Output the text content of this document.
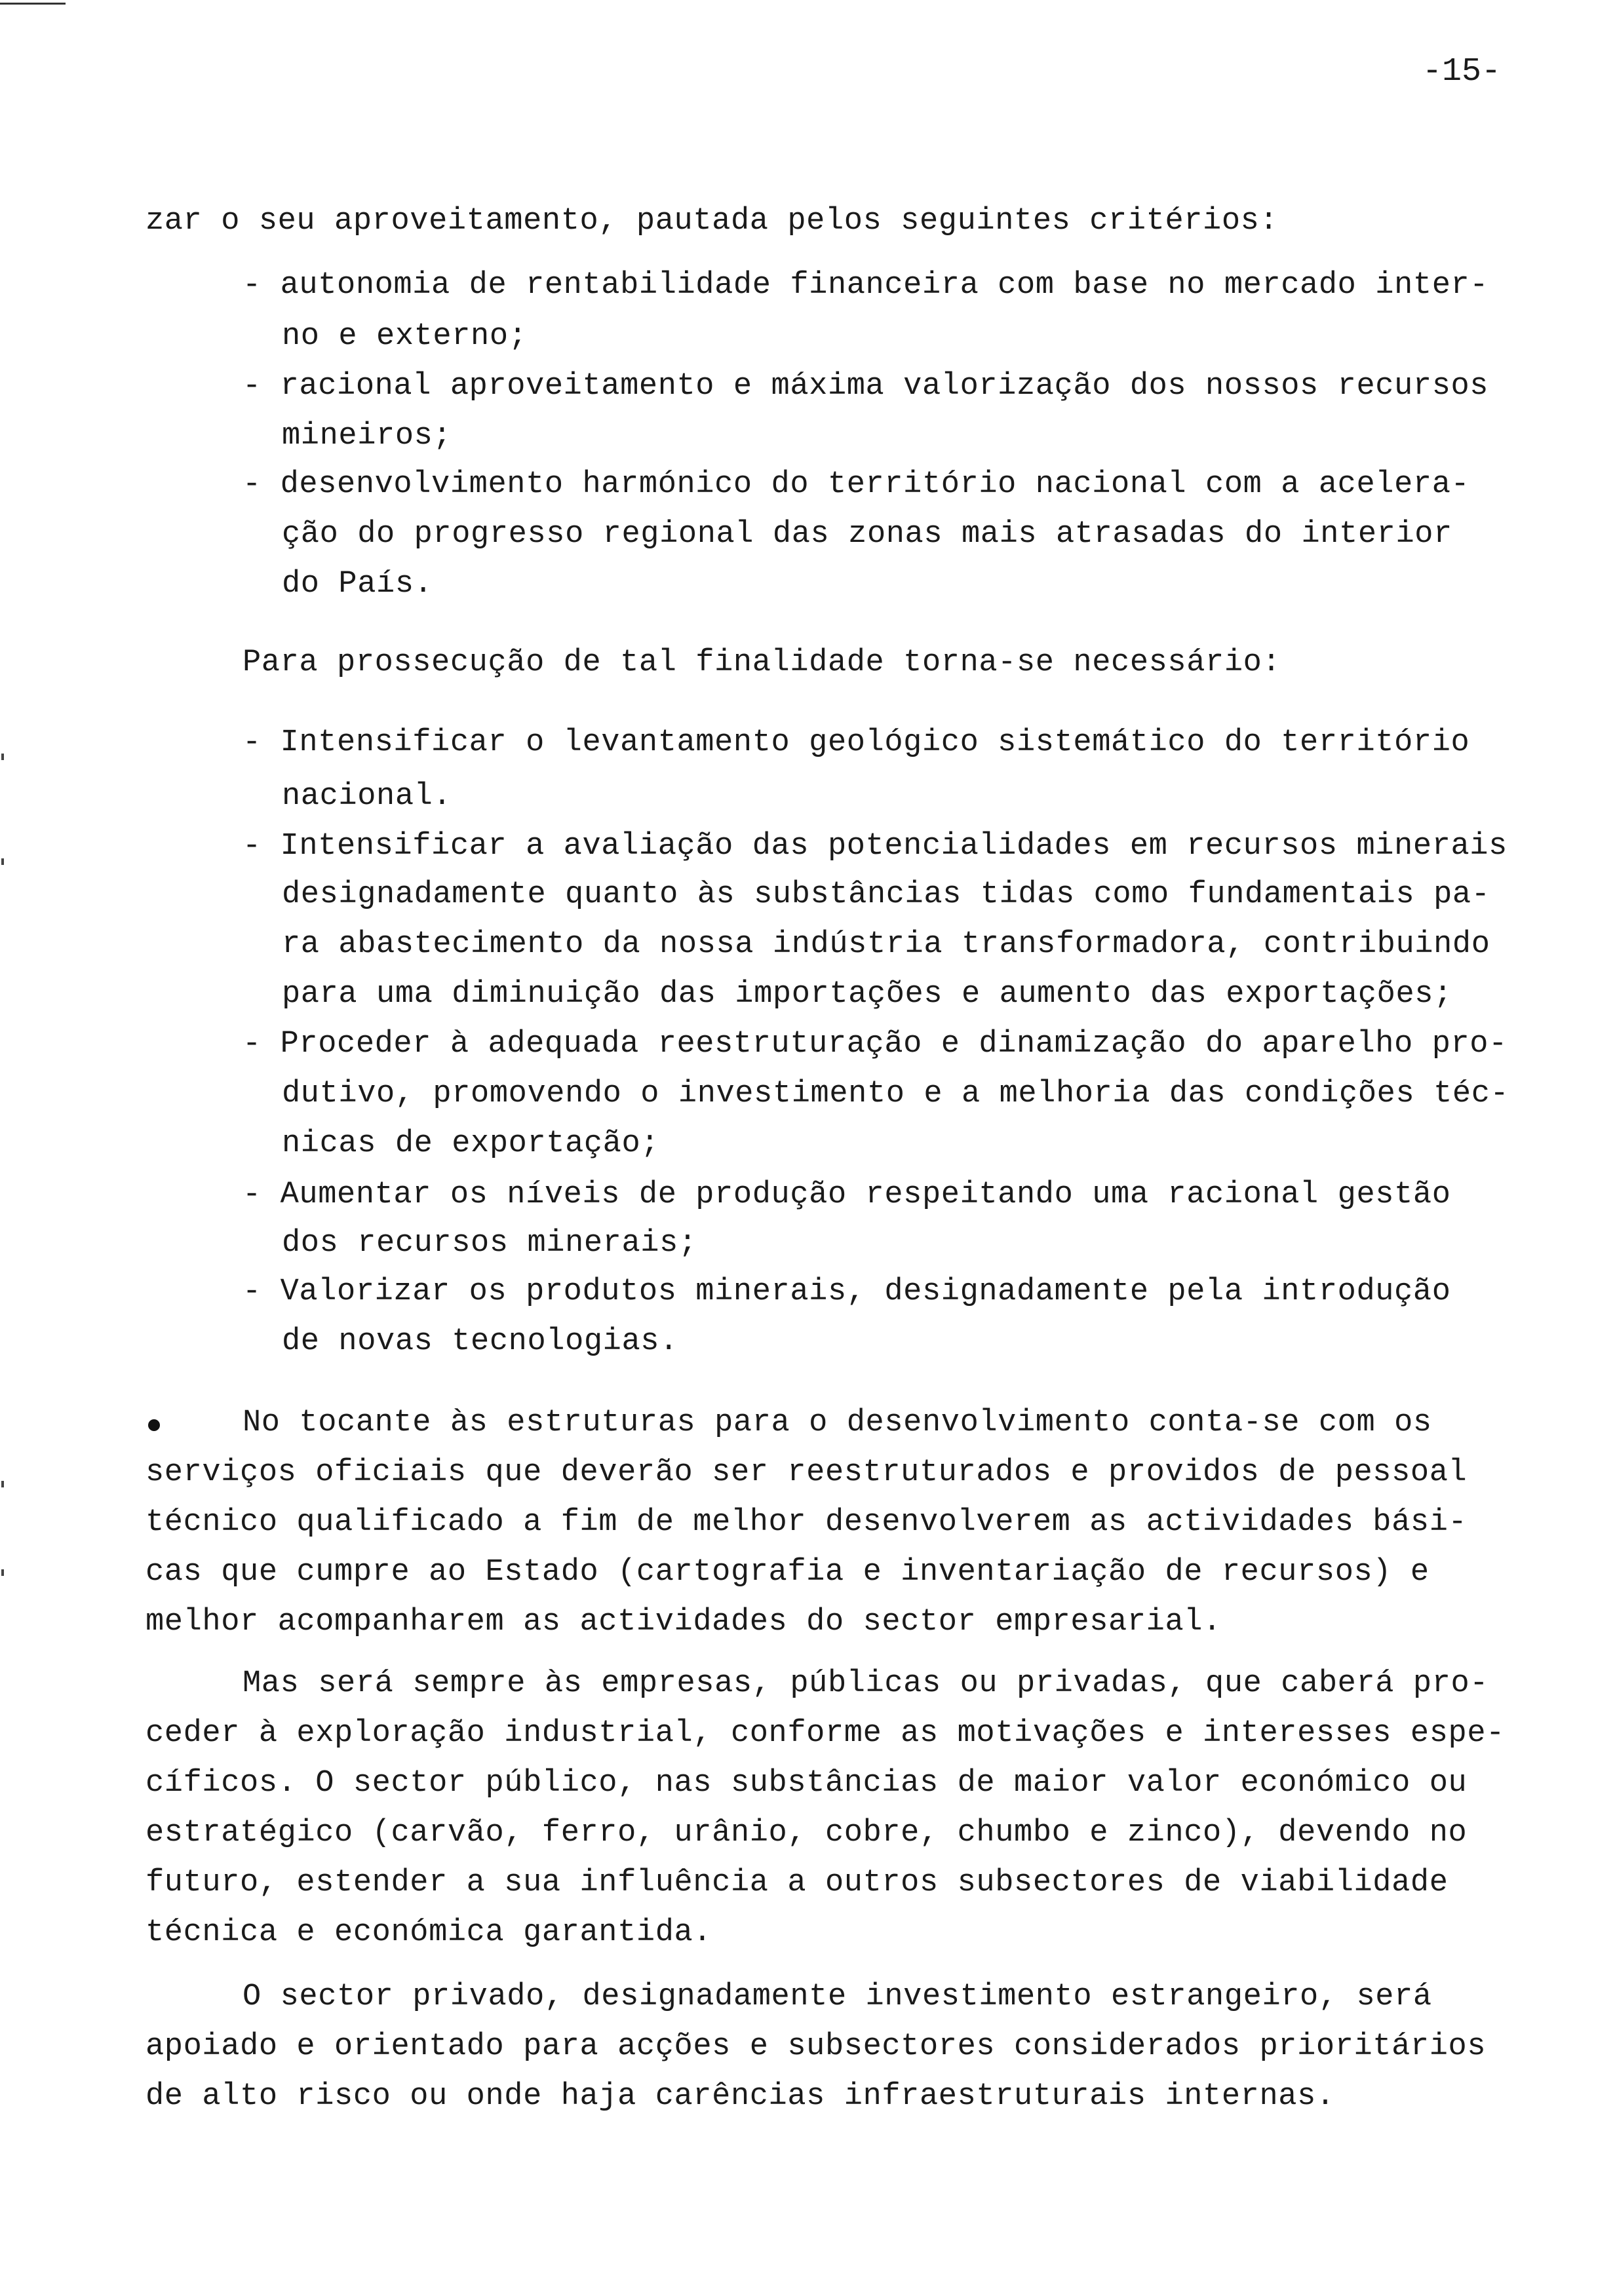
-15-
zar o seu aproveitamento, pautada pelos seguintes critérios:
- autonomia de rentabilidade financeira com base no mercado inter-
no e externo;
- racional aproveitamento e máxima valorização dos nossos recursos
mineiros;
- desenvolvimento harmónico do território nacional com a acelera-
ção do progresso regional das zonas mais atrasadas do interior
do País.
Para prossecução de tal finalidade torna-se necessário:
- Intensificar o levantamento geológico sistemático do território
nacional.
- Intensificar a avaliação das potencialidades em recursos minerais
designadamente quanto às substâncias tidas como fundamentais pa-
ra abastecimento da nossa indústria transformadora, contribuindo
para uma diminuição das importações e aumento das exportações;
- Proceder à adequada reestruturação e dinamização do aparelho pro-
dutivo, promovendo o investimento e a melhoria das condições téc-
nicas de exportação;
- Aumentar os níveis de produção respeitando uma racional gestão
dos recursos minerais;
- Valorizar os produtos minerais, designadamente pela introdução
de novas tecnologias.
No tocante às estruturas para o desenvolvimento conta-se com os
serviços oficiais que deverão ser reestruturados e providos de pessoal
técnico qualificado a fim de melhor desenvolverem as actividades bási-
cas que cumpre ao Estado (cartografia e inventariação de recursos) e
melhor acompanharem as actividades do sector empresarial.
Mas será sempre às empresas, públicas ou privadas, que caberá pro-
ceder à exploração industrial, conforme as motivações e interesses espe-
cíficos. O sector público, nas substâncias de maior valor económico ou
estratégico (carvão, ferro, urânio, cobre, chumbo e zinco), devendo no
futuro, estender a sua influência a outros subsectores de viabilidade
técnica e económica garantida.
O sector privado, designadamente investimento estrangeiro, será
apoiado e orientado para acções e subsectores considerados prioritários
de alto risco ou onde haja carências infraestruturais internas.
